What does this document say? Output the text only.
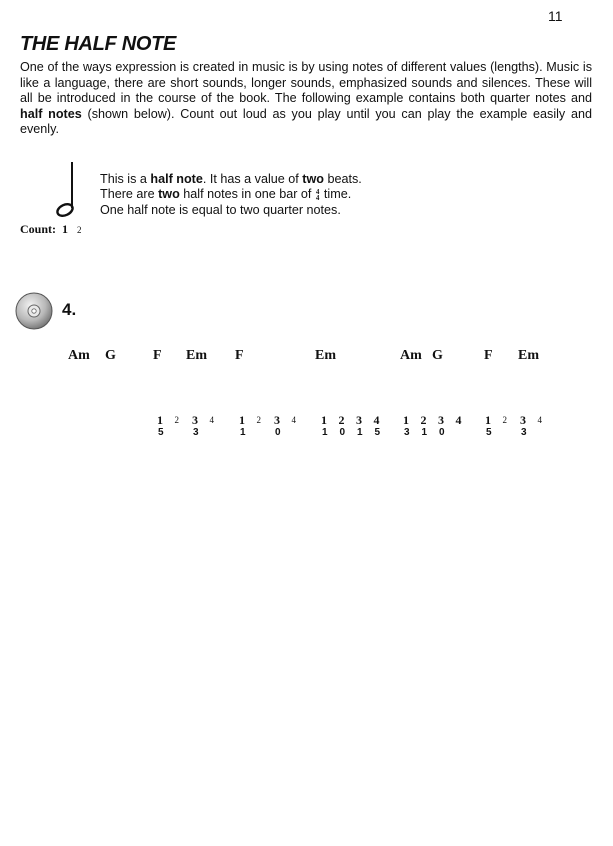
11
THE HALF NOTE

One of the ways expression is created in music is by using notes of different values (lengths). Music is like a language, there are short sounds, longer sounds, emphasized sounds and silences. These will all be introduced in the course of the book. The following example contains both quarter notes and half notes (shown below). Count out loud as you play until you can play the example easily and evenly.

This is a half note. It has a value of two beats.
There are two half notes in one bar of 4
4 time.
One half note is equal to two quarter notes.
Count: 1 2
4.
Am G	F Em F	Em	Am G	F Em
1 2 3 4
5	3
1 2 3 4
1	0
1 2 3 4
1 0 1 5
1 2 3 4
3 1 0
1 2 3 4
5	3
